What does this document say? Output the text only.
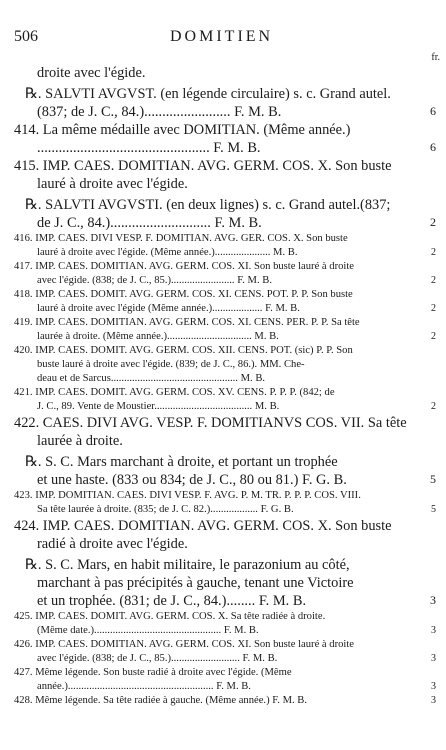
506	DOMITIEN
fr.
droite avec l'égide.
℞. SALVTI AVGVST. (en légende circulaire) s. c. Grand autel.
(837; de J. C., 84.)........................ F. M. B.	6
414. La même médaille avec DOMITIAN. (Même année.)
................................................ F. M. B.	6
415. IMP. CAES. DOMITIAN. AVG. GERM. COS. X. Son buste
lauré à droite avec l'égide.
℞. SALVTI AVGVSTI. (en deux lignes) s. c. Grand autel.(837;
de J. C., 84.)............................ F. M. B.	2
416. IMP. CAES. DIVI VESP. F. DOMITIAN. AVG. GER. COS. X. Son buste
lauré à droite avec l'égide. (Même année.)..................... M. B.	2
417. IMP. CAES. DOMITIAN. AVG. GERM. COS. XI. Son buste lauré à droite
avec l'égide. (838; de J. C., 85.)........................ F. M. B.	2
418. IMP. CAES. DOMIT. AVG. GERM. COS. XI. CENS. POT. P. P. Son buste
lauré à droite avec l'égide (Même année.)................... F. M. B.	2
419. IMP. CAES. DOMITIAN. AVG. GERM. COS. XI. CENS. PER. P. P. Sa tête
laurée à droite. (Même année.)................................ M. B.	2
420. IMP. CAES. DOMIT. AVG. GERM. COS. XII. CENS. POT. (sic) P. P. Son
buste lauré à droite avec l'égide. (839; de J. C., 86.). MM. Che-
deau et de Sarcus................................................ M. B.
421. IMP. CAES. DOMIT. AVG. GERM. COS. XV. CENS. P. P. P. (842; de
J. C., 89. Vente de Moustier..................................... M. B.	2
422. CAES. DIVI AVG. VESP. F. DOMITIANVS COS. VII. Sa tête
laurée à droite.
℞. S. C. Mars marchant à droite, et portant un trophée
et une haste. (833 ou 834; de J. C., 80 ou 81.) F. G. B.	5
423. IMP. DOMITIAN. CAES. DIVI VESP. F. AVG. P. M. TR. P. P. P. COS. VIII.
Sa tête laurée à droite. (835; de J. C. 82.).................. F. G. B.	5
424. IMP. CAES. DOMITIAN. AVG. GERM. COS. X. Son buste
radié à droite avec l'égide.
℞. S. C. Mars, en habit militaire, le parazonium au côté,
marchant à pas précipités à gauche, tenant une Victoire
et un trophée. (831; de J. C., 84.)........ F. M. B.	3
425. IMP. CAES. DOMIT. AVG. GERM. COS. X. Sa tête radiée à droite.
(Même date.)................................................ F. M. B.	3
426. IMP. CAES. DOMITIAN. AVG. GERM. COS. XI. Son buste lauré à droite
avec l'égide. (838; de J. C., 85.).......................... F. M. B.	3
427. Même légende. Son buste radié à droite avec l'égide. (Même
année.)....................................................... F. M. B.	3
428. Même légende. Sa tête radiée à gauche. (Même année.) F. M. B.	3
